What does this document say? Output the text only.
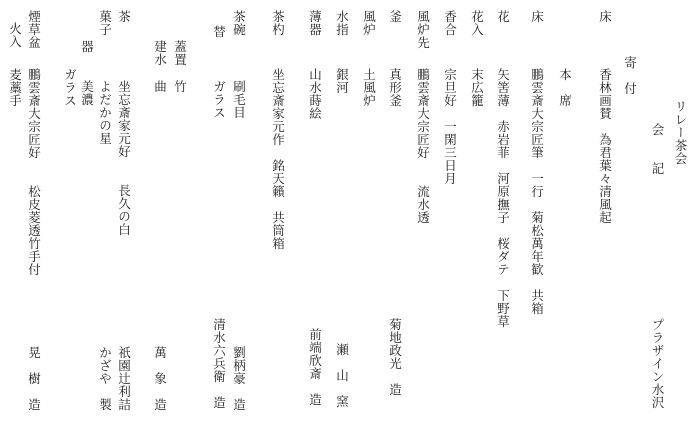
リレー茶会
会　　記
プラザイン水沢
寄　付
本　席
床
香林画賛　為君葉々清風起
床
鵬雲斎大宗匠筆　一行　菊松萬年歓　共箱
花
矢筈薄　赤岩菲　河原撫子　桜ダテ　下野草
花入
末広籠
香合
宗旦好　一閑三日月
風炉先
鵬雲斎大宗匠好　　流水透
釜
真形釜
菊地政光　造
風炉
土風炉
水指
銀河
瀬　山　窯
薄器
山水蒔絵
前端欣斎　造
茶杓
坐忘斎家元作　銘天籟　共筒箱
茶碗
刷毛目
劉柄豪　造
替
ガラス
清水六兵衛　造
蓋置
竹
建水
曲
萬　象　造
茶
坐忘斎家元好　　長久の白
祇園辻利詰
菓子
よだかの星
かざや　製
器
美濃
ガラス
煙草盆
鵬雲斎大宗匠好　　松皮菱透竹手付
晃　樹　造
火入
麦藁手
